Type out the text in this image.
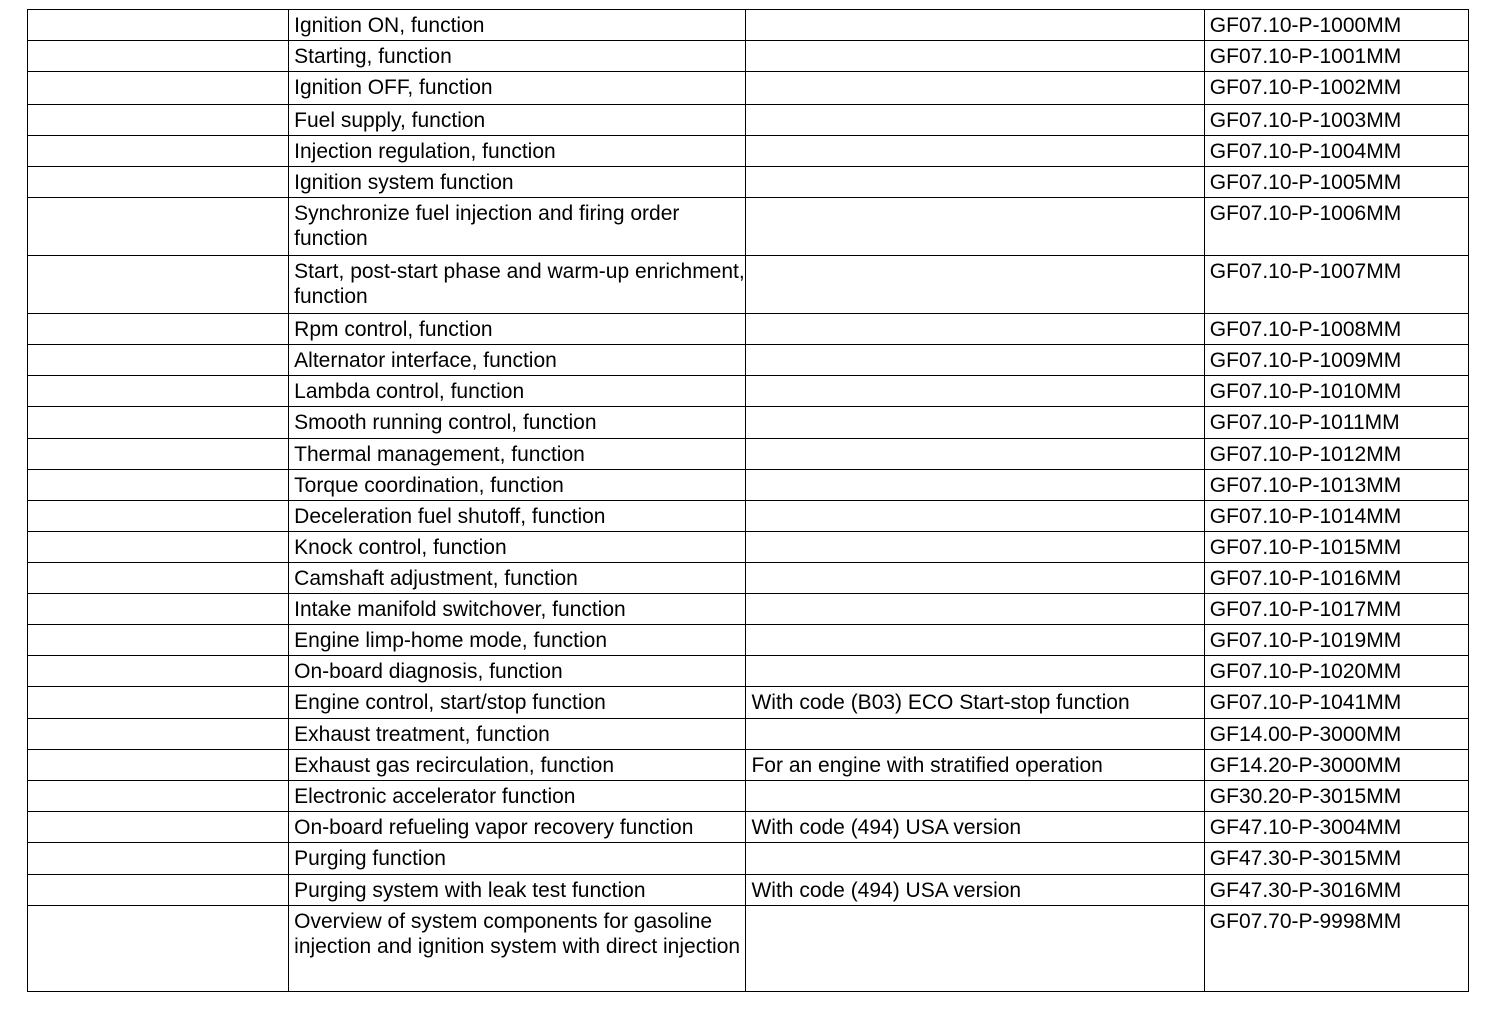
	Ignition ON, function		GF07.10-P-1000MM
	Starting, function		GF07.10-P-1001MM
	Ignition OFF, function		GF07.10-P-1002MM
	Fuel supply, function		GF07.10-P-1003MM
	Injection regulation, function		GF07.10-P-1004MM
	Ignition system function		GF07.10-P-1005MM
	Synchronize fuel injection and firing order function		GF07.10-P-1006MM
	Start, post-start phase and warm-up enrichment, function		GF07.10-P-1007MM
	Rpm control, function		GF07.10-P-1008MM
	Alternator interface, function		GF07.10-P-1009MM
	Lambda control, function		GF07.10-P-1010MM
	Smooth running control, function		GF07.10-P-1011MM
	Thermal management, function		GF07.10-P-1012MM
	Torque coordination, function		GF07.10-P-1013MM
	Deceleration fuel shutoff, function		GF07.10-P-1014MM
	Knock control, function		GF07.10-P-1015MM
	Camshaft adjustment, function		GF07.10-P-1016MM
	Intake manifold switchover, function		GF07.10-P-1017MM
	Engine limp-home mode, function		GF07.10-P-1019MM
	On-board diagnosis, function		GF07.10-P-1020MM
	Engine control, start/stop function	With code (B03) ECO Start-stop function	GF07.10-P-1041MM
	Exhaust treatment, function		GF14.00-P-3000MM
	Exhaust gas recirculation, function	For an engine with stratified operation	GF14.20-P-3000MM
	Electronic accelerator function		GF30.20-P-3015MM
	On-board refueling vapor recovery function	With code (494) USA version	GF47.10-P-3004MM
	Purging function		GF47.30-P-3015MM
	Purging system with leak test function	With code (494) USA version	GF47.30-P-3016MM
	Overview of system components for gasoline injection and ignition system with direct injection		GF07.70-P-9998MM
